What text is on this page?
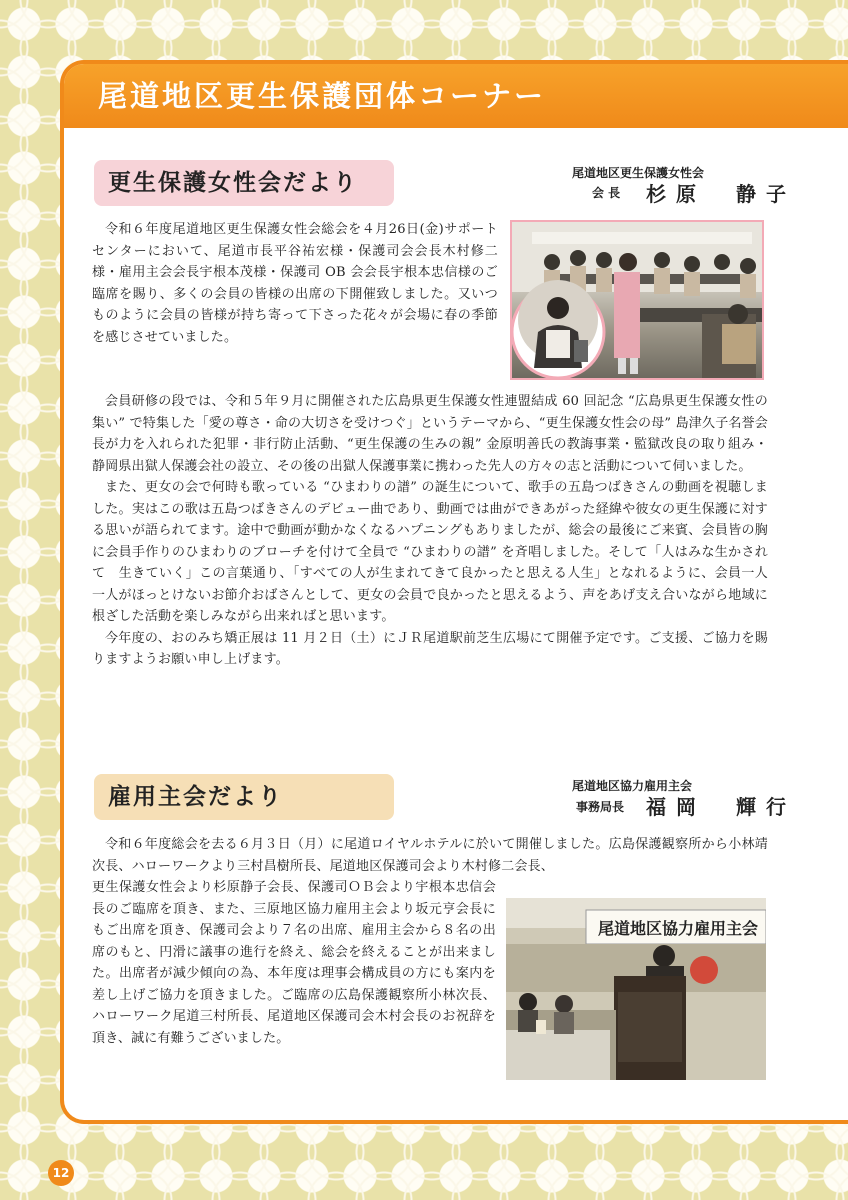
尾道地区更生保護団体コーナー
更生保護女性会だより	尾道地区更生保護女性会
会 長 杉原　静子

令和６年度尾道地区更生保護女性会総会を４月26日(金)サポートセンターにおいて、尾道市長平谷祐宏様・保護司会会長木村修二様・雇用主会会長宇根本茂様・保護司 OB 会会長宇根本忠信様のご臨席を賜り、多くの会員の皆様の出席の下開催致しました。又いつものように会員の皆様が持ち寄って下さった花々が会場に春の季節を感じさせていました。

会員研修の段では、令和５年９月に開催された広島県更生保護女性連盟結成 60 回記念 “広島県更生保護女性の集い” で特集した「愛の尊さ・命の大切さを受けつぐ」というテーマから、“更生保護女性会の母” 島津久子名誉会長が力を入れられた犯罪・非行防止活動、“更生保護の生みの親” 金原明善氏の教誨事業・監獄改良の取り組み・静岡県出獄人保護会社の設立、その後の出獄人保護事業に携わった先人の方々の志と活動について伺いました。

また、更女の会で何時も歌っている “ひまわりの譜” の誕生について、歌手の五島つばきさんの動画を視聴しました。実はこの歌は五島つばきさんのデビュー曲であり、動画では曲ができあがった経緯や彼女の更生保護に対する思いが語られてます。途中で動画が動かなくなるハプニングもありましたが、総会の最後にご来賓、会員皆の胸に会員手作りのひまわりのブローチを付けて全員で “ひまわりの譜” を斉唱しました。そして「人はみな生かされて　生きていく」この言葉通り、「すべての人が生まれてきて良かったと思える人生」となれるように、会員一人一人がほっとけないお節介おばさんとして、更女の会員で良かったと思えるよう、声をあげ支え合いながら地域に根ざした活動を楽しみながら出来ればと思います。

今年度の、おのみち矯正展は 11 月２日（土）にＪＲ尾道駅前芝生広場にて開催予定です。ご支援、ご協力を賜りますようお願い申し上げます。

雇用主会だより	尾道地区協力雇用主会
事務局長 福岡　輝行

令和６年度総会を去る６月３日（月）に尾道ロイヤルホテルに於いて開催しました。広島保護観察所から小林靖次長、ハローワークより三村昌樹所長、尾道地区保護司会より木村修二会長、

更生保護女性会より杉原静子会長、保護司ＯＢ会より宇根本忠信会長のご臨席を頂き、また、三原地区協力雇用主会より坂元亨会長にもご出席を頂き、保護司会より７名の出席、雇用主会から８名の出席のもと、円滑に議事の進行を終え、総会を終えることが出来ました。出席者が減少傾向の為、本年度は理事会構成員の方にも案内を差し上げご協力を頂きました。ご臨席の広島保護観察所小林次長、ハローワーク尾道三村所長、尾道地区保護司会木村会長のお祝辞を頂き、誠に有難うございました。

尾道地区協力雇用主会
12
